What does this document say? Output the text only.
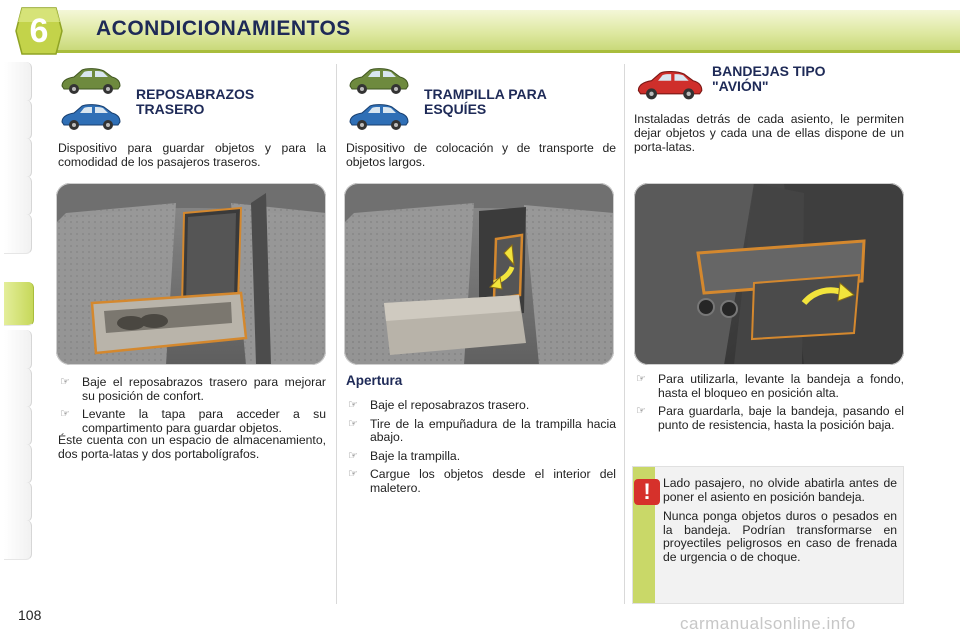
6	ACONDICIONAMIENTOS
REPOSABRAZOS
TRASERO
Dispositivo para guardar objetos y para la comodidad de los pasajeros traseros.
☞ Baje el reposabrazos trasero para mejorar su posición de confort.
☞ Levante la tapa para acceder a su compartimento para guardar objetos.
Éste cuenta con un espacio de almacenamiento, dos porta-latas y dos portabolígrafos.
TRAMPILLA PARA
ESQUÍES
Dispositivo de colocación y de transporte de objetos largos.
Apertura
☞ Baje el reposabrazos trasero.
☞ Tire de la empuñadura de la trampilla hacia abajo.
☞ Baje la trampilla.
☞ Cargue los objetos desde el interior del maletero.
BANDEJAS TIPO
"AVIÓN"
Instaladas detrás de cada asiento, le permiten dejar objetos y cada una de ellas dispone de un porta-latas.
☞ Para utilizarla, levante la bandeja a fondo, hasta el bloqueo en posición alta.
☞ Para guardarla, baje la bandeja, pasando el punto de resistencia, hasta la posición baja.
!	Lado pasajero, no olvide abatirla antes de poner el asiento en posición bandeja.

Nunca ponga objetos duros o pesados en la bandeja. Podrían transformarse en proyectiles peligrosos en caso de frenada de urgencia o de choque.

108	carmanualsonline.info
